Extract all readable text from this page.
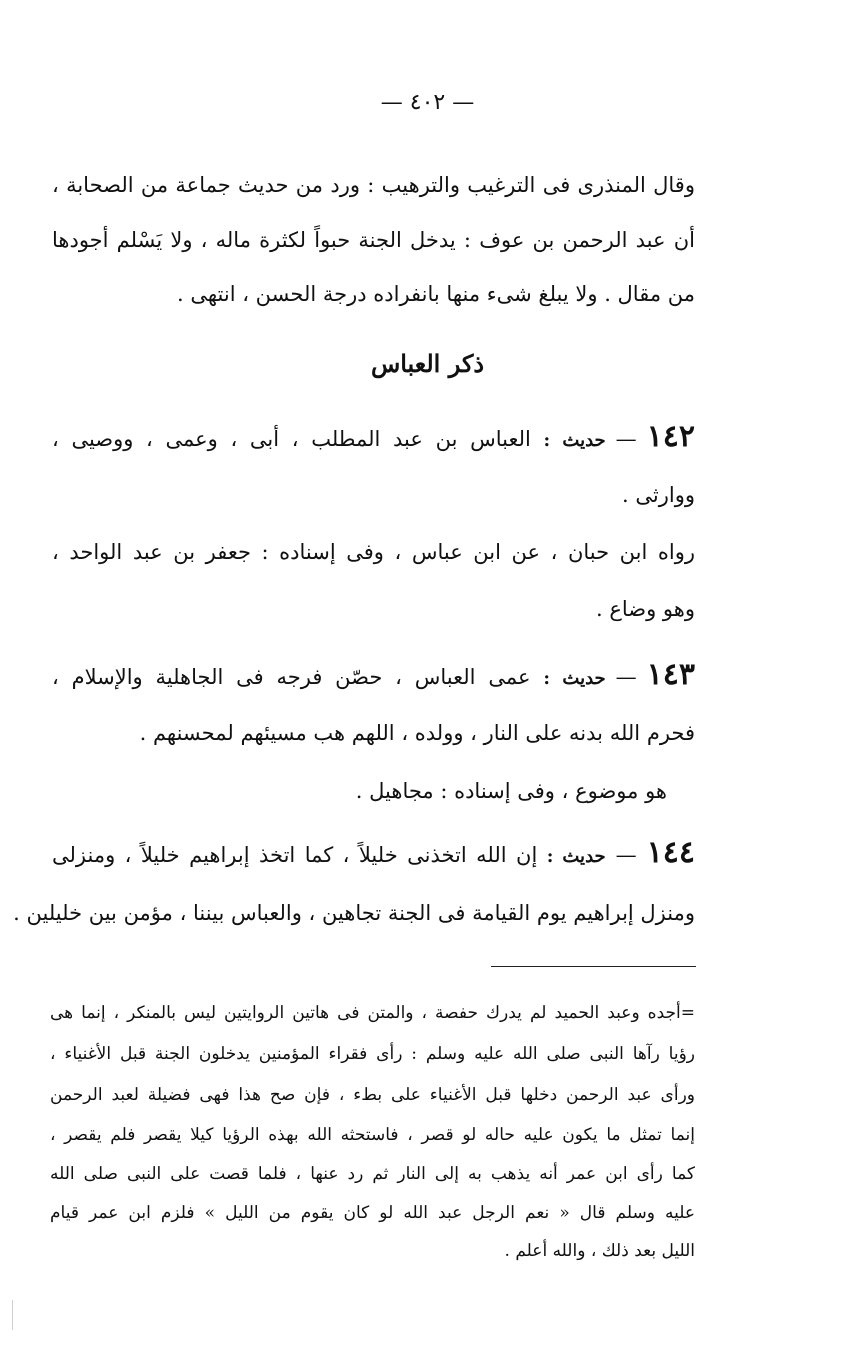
— ٤٠٢ —
وقال المنذرى فى الترغيب والترهيب : ورد من حديث جماعة من الصحابة ،
أن عبد الرحمن بن عوف : يدخل الجنة حبواً لكثرة ماله ، ولا يَسْلم أجودها
من مقال . ولا يبلغ شىء منها بانفراده درجة الحسن ، انتهى .
ذكر العباس
١٤٢—حديث : العباس بن عبد المطلب ، أبى ، وعمى ، ووصيى ،
ووارثى .
رواه ابن حبان ، عن ابن عباس ، وفى إسناده : جعفر بن عبد الواحد ،
وهو وضاع .
١٤٣—حديث : عمى العباس ، حصّن فرجه فى الجاهلية والإسلام ،
فحرم الله بدنه على النار ، وولده ، اللهم هب مسيئهم لمحسنهم .
هو موضوع ، وفى إسناده : مجاهيل .
١٤٤—حديث : إن الله اتخذنى خليلاً ، كما اتخذ إبراهيم خليلاً ، ومنزلى
ومنزل إبراهيم يوم القيامة فى الجنة تجاهين ، والعباس بيننا ، مؤمن بين خليلين .
=أجده وعبد الحميد لم يدرك حفصة ، والمتن فى هاتين الروايتين ليس بالمنكر ، إنما هى
رؤيا رآها النبى صلى الله عليه وسلم : رأى فقراء المؤمنين يدخلون الجنة قبل الأغنياء ،
ورأى عبد الرحمن دخلها قبل الأغنياء على بطء ، فإن صح هذا فهى فضيلة لعبد الرحمن
إنما تمثل ما يكون عليه حاله لو قصر ، فاستحثه الله بهذه الرؤيا كيلا يقصر فلم يقصر ،
كما رأى ابن عمر أنه يذهب به إلى النار ثم رد عنها ، فلما قصت على النبى صلى الله
عليه وسلم قال « نعم الرجل عبد الله لو كان يقوم من الليل » فلزم ابن عمر قيام
الليل بعد ذلك ، والله أعلم .
